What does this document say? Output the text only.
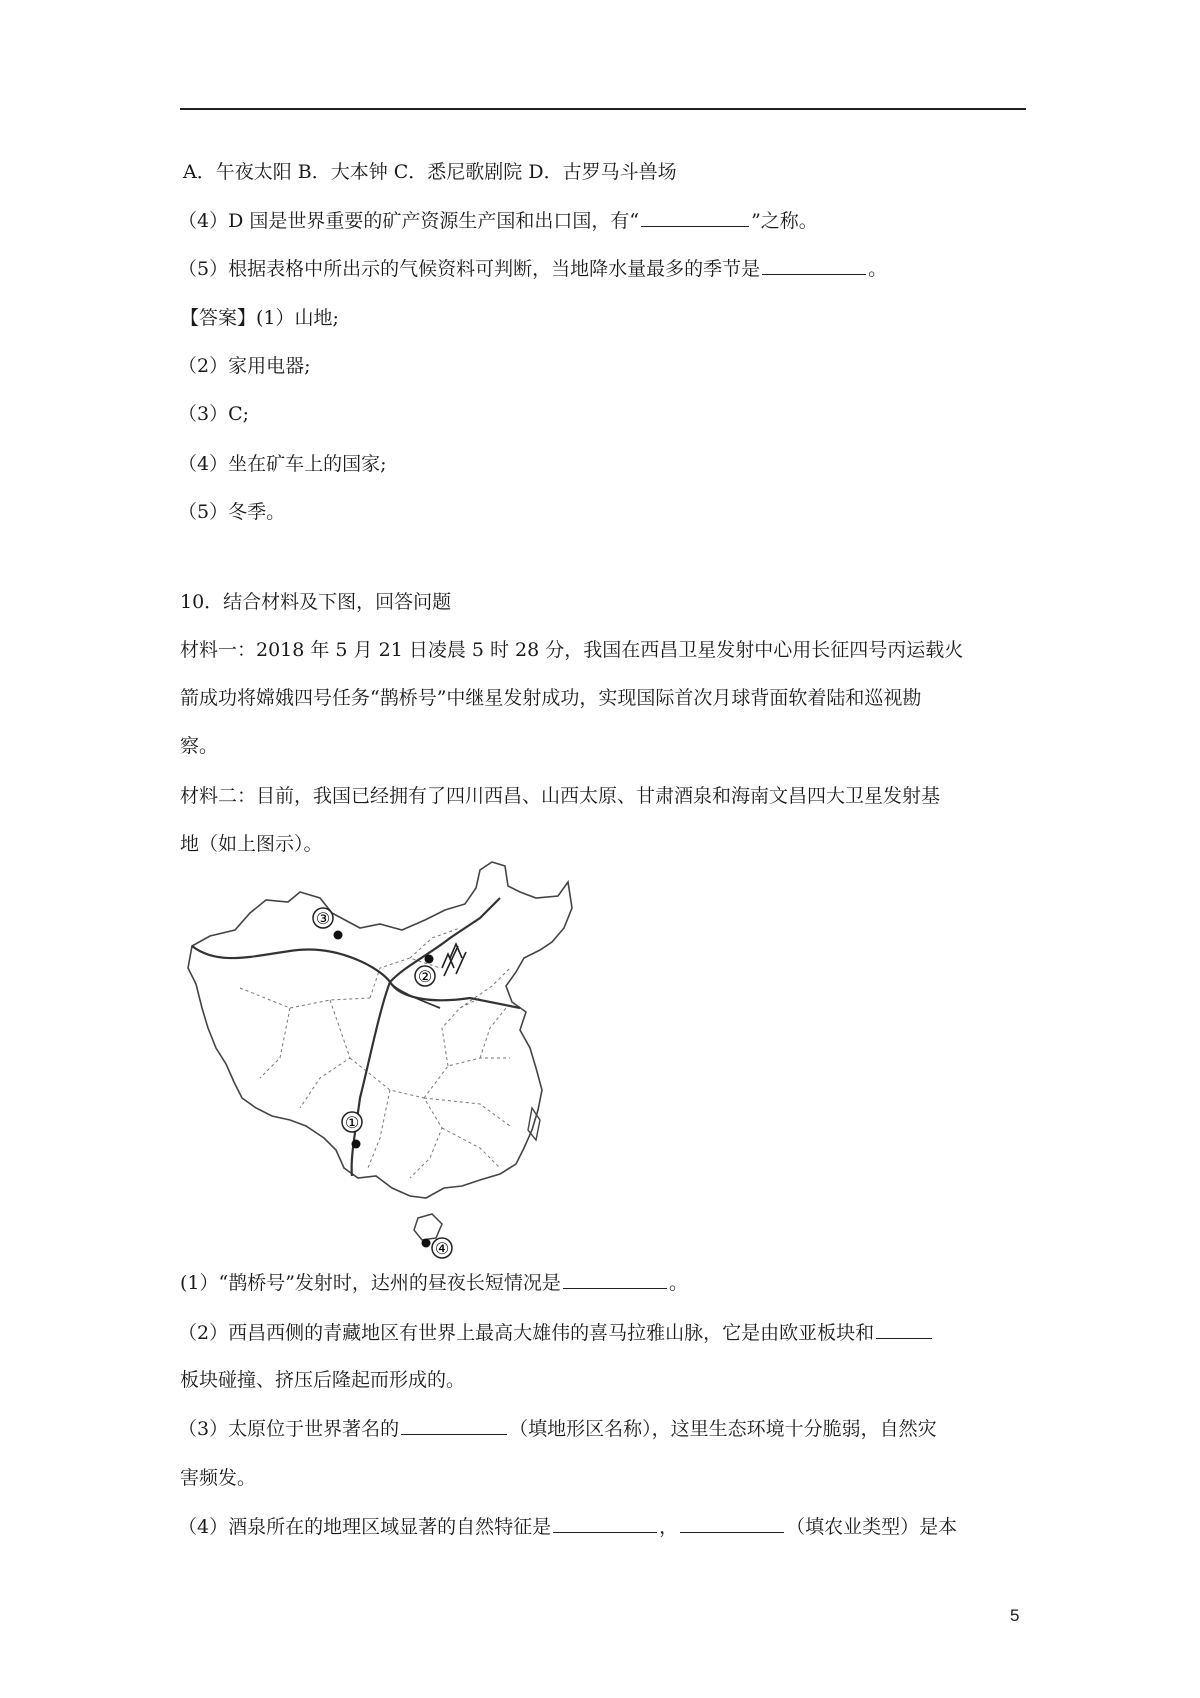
A．午夜太阳 B．大本钟 C．悉尼歌剧院 D．古罗马斗兽场
（4）D 国是世界重要的矿产资源生产国和出口国，有“	”之称。
（5）根据表格中所出示的气候资料可判断，当地降水量最多的季节是	。
【答案】(1）山地;
（2）家用电器;
（3）C;
（4）坐在矿车上的国家;
（5）冬季。
10．结合材料及下图，回答问题
材料一：2018 年 5 月 21 日凌晨 5 时 28 分，我国在西昌卫星发射中心用长征四号丙运载火
箭成功将嫦娥四号任务“鹊桥号”中继星发射成功，实现国际首次月球背面软着陆和巡视勘
察。
材料二：目前，我国已经拥有了四川西昌、山西太原、甘肃酒泉和海南文昌四大卫星发射基
地（如上图示）。
③
②
①
④
(1）“鹊桥号”发射时，达州的昼夜长短情况是	。
（2）西昌西侧的青藏地区有世界上最高大雄伟的喜马拉雅山脉，它是由欧亚板块和
板块碰撞、挤压后隆起而形成的。
（3）太原位于世界著名的	（填地形区名称），这里生态环境十分脆弱，自然灾
害频发。
（4）酒泉所在的地理区域显著的自然特征是	，	（填农业类型）是本
5
